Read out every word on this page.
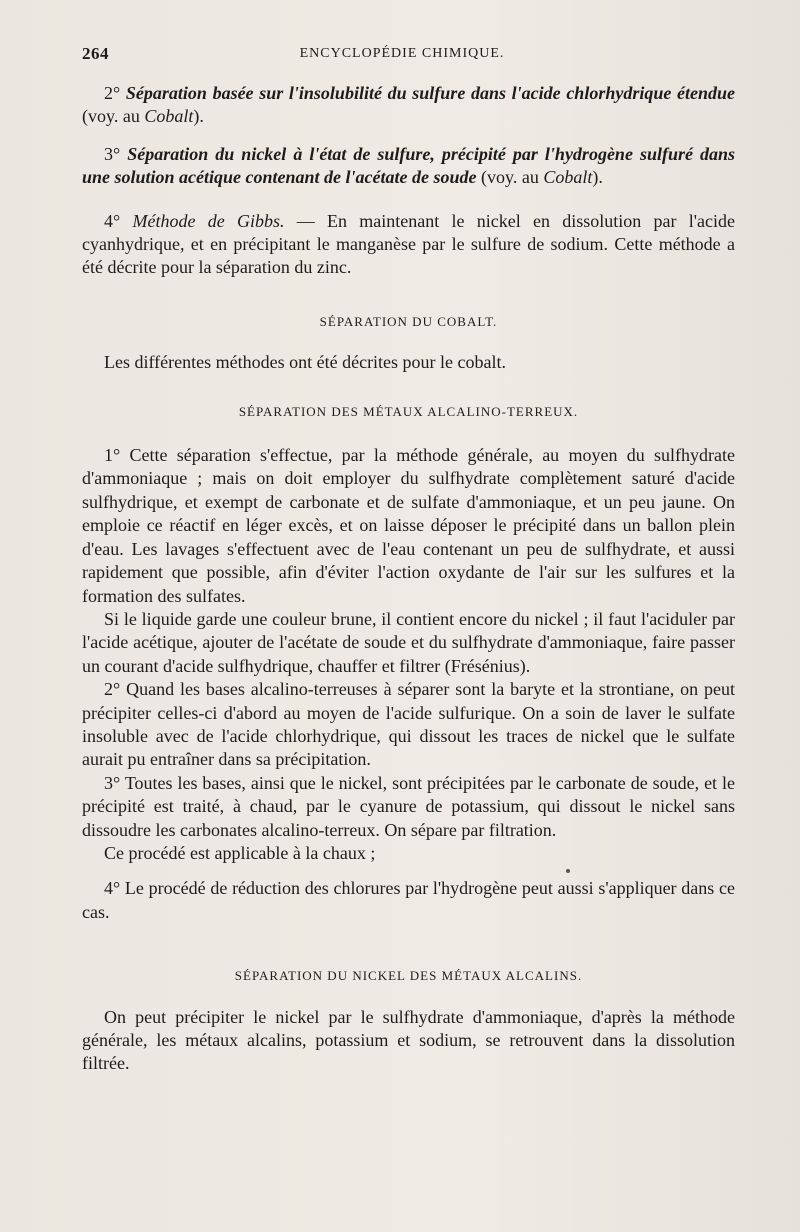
264	ENCYCLOPÉDIE CHIMIQUE.

2° Séparation basée sur l'insolubilité du sulfure dans l'acide chlorhydrique étendue (voy. au Cobalt).

3° Séparation du nickel à l'état de sulfure, précipité par l'hydrogène sulfuré dans une solution acétique contenant de l'acétate de soude (voy. au Cobalt).

4° Méthode de Gibbs. — En maintenant le nickel en dissolution par l'acide cyanhydrique, et en précipitant le manganèse par le sulfure de sodium. Cette méthode a été décrite pour la séparation du zinc.

SÉPARATION DU COBALT.

Les différentes méthodes ont été décrites pour le cobalt.

SÉPARATION DES MÉTAUX ALCALINO-TERREUX.

1° Cette séparation s'effectue, par la méthode générale, au moyen du sulfhydrate d'ammoniaque ; mais on doit employer du sulfhydrate complètement saturé d'acide sulfhydrique, et exempt de carbonate et de sulfate d'ammoniaque, et un peu jaune. On emploie ce réactif en léger excès, et on laisse déposer le précipité dans un ballon plein d'eau. Les lavages s'effectuent avec de l'eau contenant un peu de sulfhydrate, et aussi rapidement que possible, afin d'éviter l'action oxydante de l'air sur les sulfures et la formation des sulfates.

Si le liquide garde une couleur brune, il contient encore du nickel ; il faut l'aciduler par l'acide acétique, ajouter de l'acétate de soude et du sulfhydrate d'ammoniaque, faire passer un courant d'acide sulfhydrique, chauffer et filtrer (Frésénius).

2° Quand les bases alcalino-terreuses à séparer sont la baryte et la strontiane, on peut précipiter celles-ci d'abord au moyen de l'acide sulfurique. On a soin de laver le sulfate insoluble avec de l'acide chlorhydrique, qui dissout les traces de nickel que le sulfate aurait pu entraîner dans sa précipitation.

3° Toutes les bases, ainsi que le nickel, sont précipitées par le carbonate de soude, et le précipité est traité, à chaud, par le cyanure de potassium, qui dissout le nickel sans dissoudre les carbonates alcalino-terreux. On sépare par filtration.

Ce procédé est applicable à la chaux ;

4° Le procédé de réduction des chlorures par l'hydrogène peut aussi s'appliquer dans ce cas.

SÉPARATION DU NICKEL DES MÉTAUX ALCALINS.

On peut précipiter le nickel par le sulfhydrate d'ammoniaque, d'après la méthode générale, les métaux alcalins, potassium et sodium, se retrouvent dans la dissolution filtrée.
